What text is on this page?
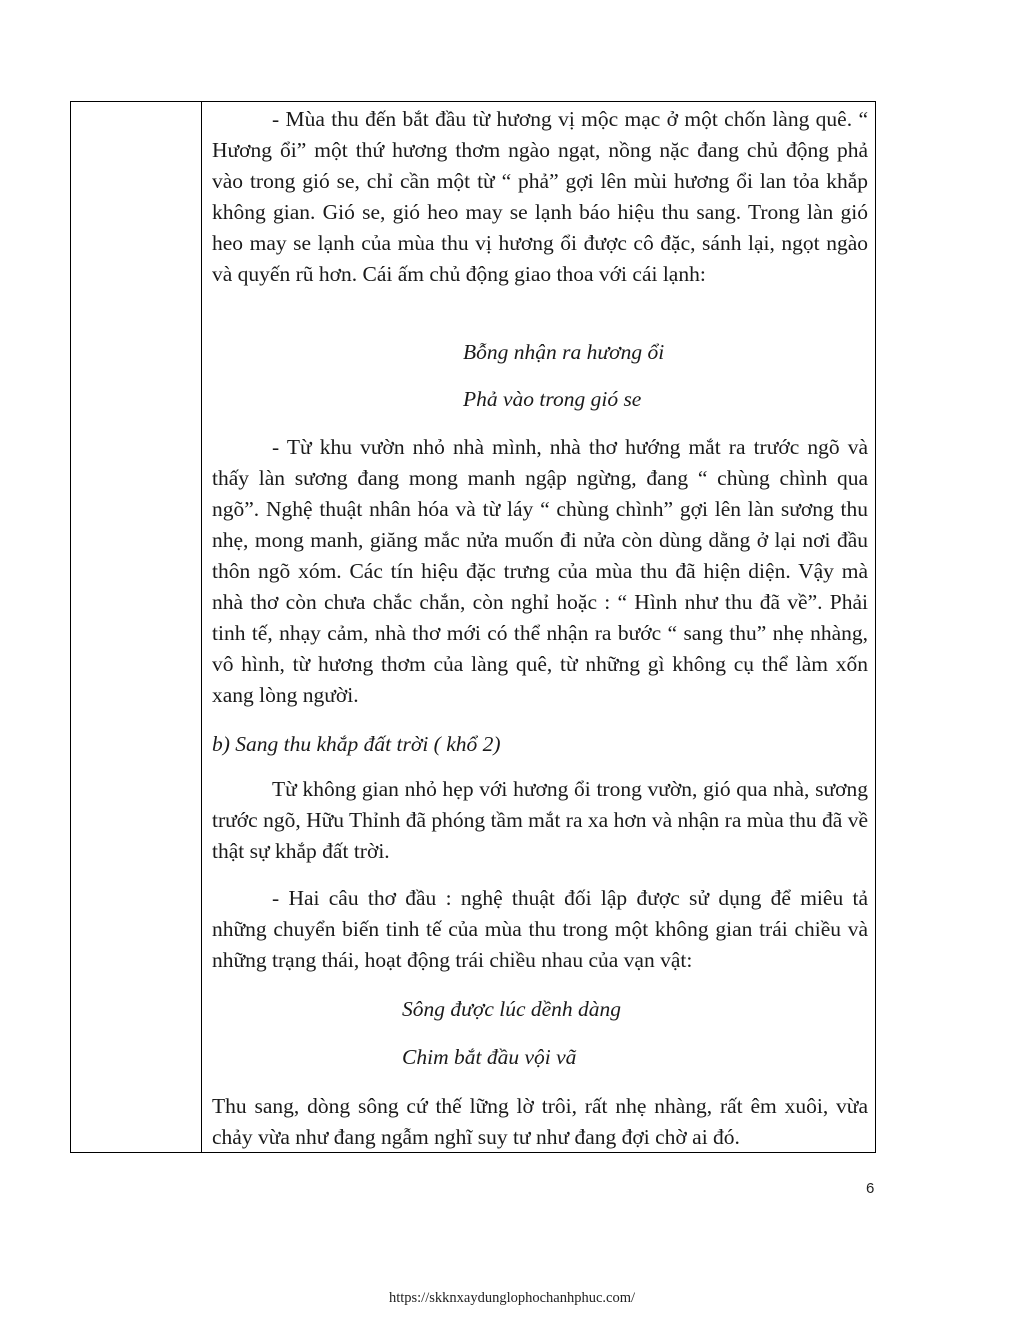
- Mùa thu đến bắt đầu từ hương vị mộc mạc ở một chốn làng quê. “ Hương ổi” một thứ hương thơm ngào ngạt, nồng nặc đang chủ động phả vào trong gió se, chỉ cần một từ “ phả” gợi lên mùi hương ổi lan tỏa khắp không gian. Gió se, gió heo may se lạnh báo hiệu thu sang. Trong làn gió heo may se lạnh của mùa thu vị hương ổi được cô đặc, sánh lại, ngọt ngào và quyến rũ hơn. Cái ấm chủ động giao thoa với cái lạnh:

Bỗng nhận ra hương ổi
Phả vào trong gió se

- Từ khu vườn nhỏ nhà mình, nhà thơ hướng mắt ra trước ngõ và thấy làn sương đang mong manh ngập ngừng, đang “ chùng chình qua ngõ”. Nghệ thuật nhân hóa và từ láy “ chùng chình” gợi lên làn sương thu nhẹ, mong manh, giăng mắc nửa muốn đi nửa còn dùng dằng ở lại nơi đầu thôn ngõ xóm. Các tín hiệu đặc trưng của mùa thu đã hiện diện. Vậy mà nhà thơ còn chưa chắc chắn, còn nghỉ hoặc : “ Hình như thu đã về”. Phải tinh tế, nhạy cảm, nhà thơ mới có thể nhận ra bước “ sang thu” nhẹ nhàng, vô hình, từ hương thơm của làng quê, từ những gì không cụ thể làm xốn xang lòng người.

b) Sang thu khắp đất trời ( khổ 2)

Từ không gian nhỏ hẹp với hương ổi trong vườn, gió qua nhà, sương trước ngõ, Hữu Thỉnh đã phóng tầm mắt ra xa hơn và nhận ra mùa thu đã về thật sự khắp đất trời.

- Hai câu thơ đầu : nghệ thuật đối lập được sử dụng để miêu tả những chuyển biến tinh tế của mùa thu trong một không gian trái chiều và những trạng thái, hoạt động trái chiều nhau của vạn vật:

Sông được lúc dềnh dàng
Chim bắt đầu vội vã

Thu sang, dòng sông cứ thế lững lờ trôi, rất nhẹ nhàng, rất êm xuôi, vừa chảy vừa như đang ngẫm nghĩ suy tư như đang đợi chờ ai đó.

6
https://skknxaydunglophochanhphuc.com/
